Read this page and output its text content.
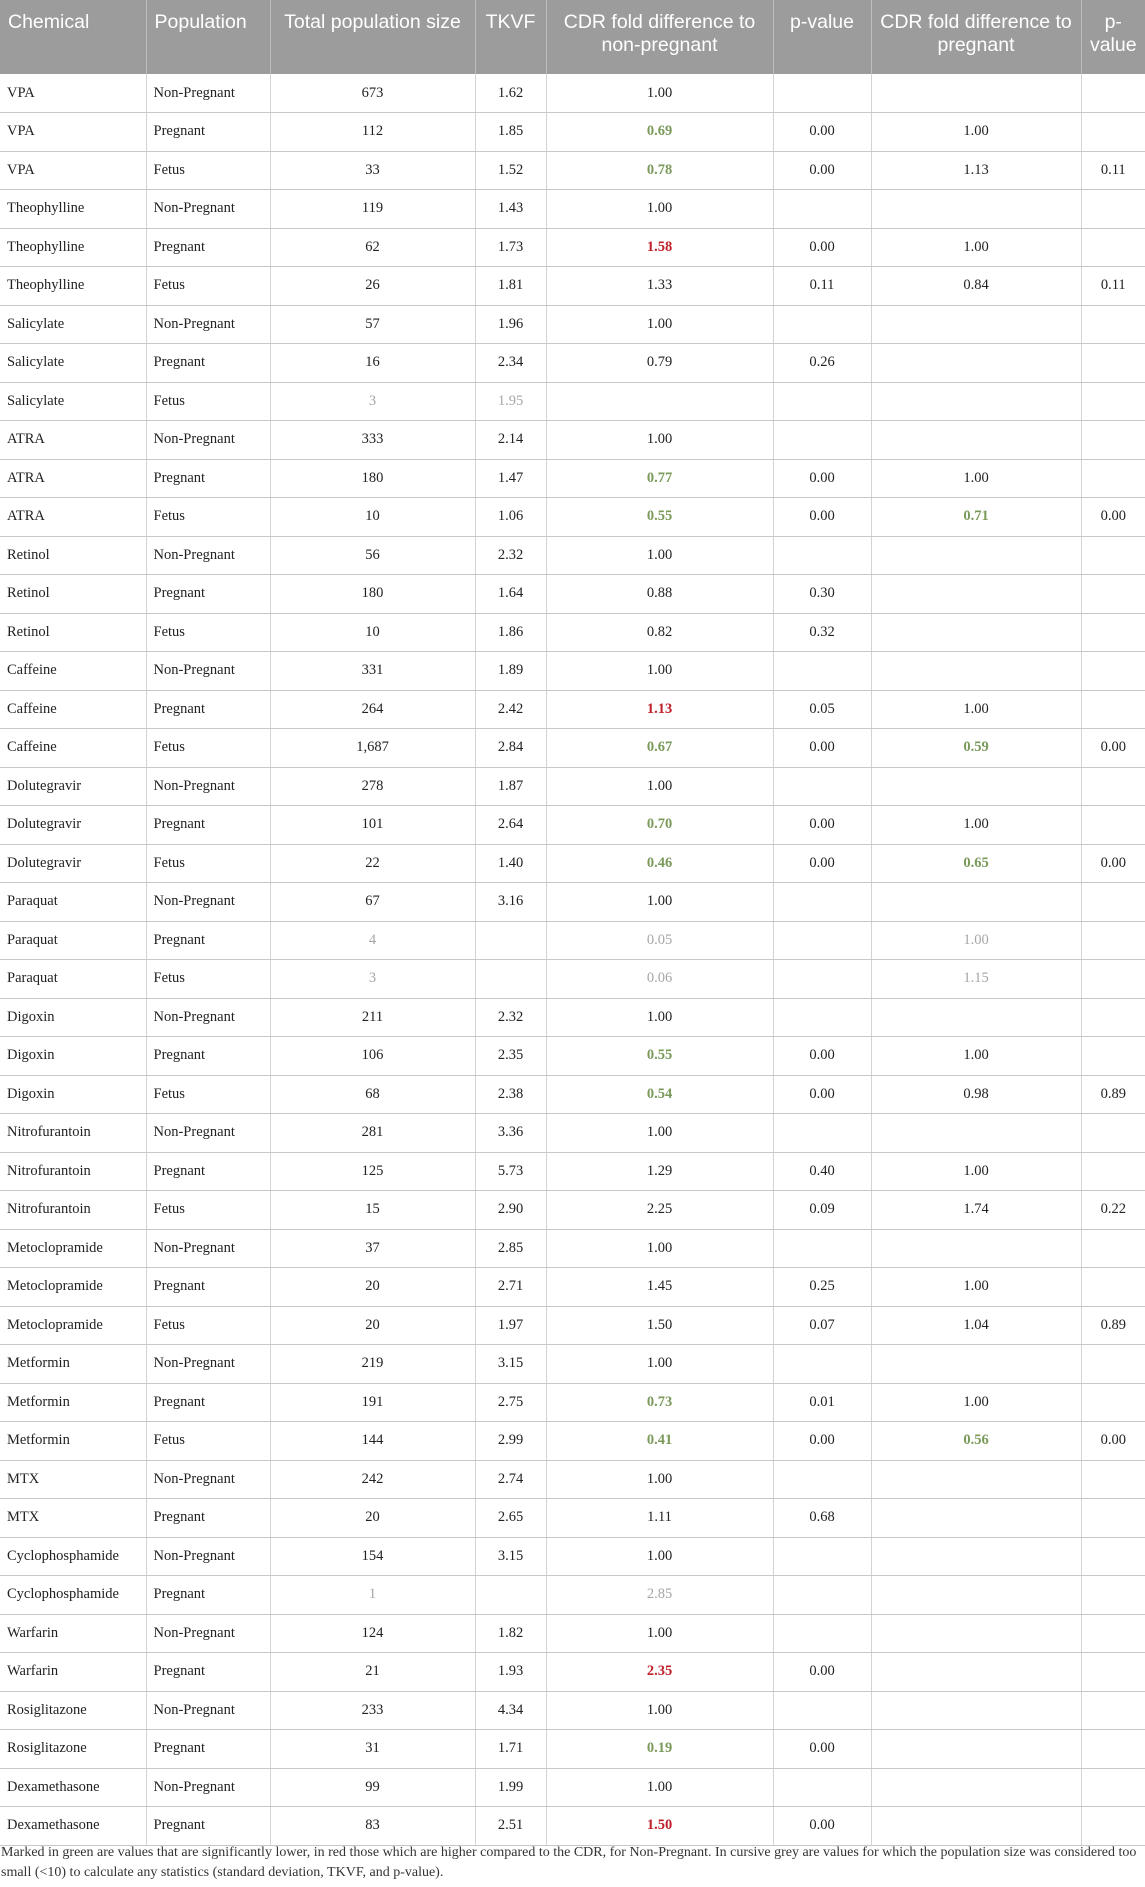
Chemical	Population	Total population size	TKVF	CDR fold difference to non-pregnant	p-value	CDR fold difference to pregnant	p-value
VPA	Non-Pregnant	673	1.62	1.00			
VPA	Pregnant	112	1.85	0.69	0.00	1.00	
VPA	Fetus	33	1.52	0.78	0.00	1.13	0.11
Theophylline	Non-Pregnant	119	1.43	1.00			
Theophylline	Pregnant	62	1.73	1.58	0.00	1.00	
Theophylline	Fetus	26	1.81	1.33	0.11	0.84	0.11
Salicylate	Non-Pregnant	57	1.96	1.00			
Salicylate	Pregnant	16	2.34	0.79	0.26		
Salicylate	Fetus	3	1.95				
ATRA	Non-Pregnant	333	2.14	1.00			
ATRA	Pregnant	180	1.47	0.77	0.00	1.00	
ATRA	Fetus	10	1.06	0.55	0.00	0.71	0.00
Retinol	Non-Pregnant	56	2.32	1.00			
Retinol	Pregnant	180	1.64	0.88	0.30		
Retinol	Fetus	10	1.86	0.82	0.32		
Caffeine	Non-Pregnant	331	1.89	1.00			
Caffeine	Pregnant	264	2.42	1.13	0.05	1.00	
Caffeine	Fetus	1,687	2.84	0.67	0.00	0.59	0.00
Dolutegravir	Non-Pregnant	278	1.87	1.00			
Dolutegravir	Pregnant	101	2.64	0.70	0.00	1.00	
Dolutegravir	Fetus	22	1.40	0.46	0.00	0.65	0.00
Paraquat	Non-Pregnant	67	3.16	1.00			
Paraquat	Pregnant	4		0.05		1.00	
Paraquat	Fetus	3		0.06		1.15	
Digoxin	Non-Pregnant	211	2.32	1.00			
Digoxin	Pregnant	106	2.35	0.55	0.00	1.00	
Digoxin	Fetus	68	2.38	0.54	0.00	0.98	0.89
Nitrofurantoin	Non-Pregnant	281	3.36	1.00			
Nitrofurantoin	Pregnant	125	5.73	1.29	0.40	1.00	
Nitrofurantoin	Fetus	15	2.90	2.25	0.09	1.74	0.22
Metoclopramide	Non-Pregnant	37	2.85	1.00			
Metoclopramide	Pregnant	20	2.71	1.45	0.25	1.00	
Metoclopramide	Fetus	20	1.97	1.50	0.07	1.04	0.89
Metformin	Non-Pregnant	219	3.15	1.00			
Metformin	Pregnant	191	2.75	0.73	0.01	1.00	
Metformin	Fetus	144	2.99	0.41	0.00	0.56	0.00
MTX	Non-Pregnant	242	2.74	1.00			
MTX	Pregnant	20	2.65	1.11	0.68		
Cyclophosphamide	Non-Pregnant	154	3.15	1.00			
Cyclophosphamide	Pregnant	1		2.85			
Warfarin	Non-Pregnant	124	1.82	1.00			
Warfarin	Pregnant	21	1.93	2.35	0.00		
Rosiglitazone	Non-Pregnant	233	4.34	1.00			
Rosiglitazone	Pregnant	31	1.71	0.19	0.00		
Dexamethasone	Non-Pregnant	99	1.99	1.00			
Dexamethasone	Pregnant	83	2.51	1.50	0.00		
Marked in green are values that are significantly lower, in red those which are higher compared to the CDR, for Non-Pregnant. In cursive grey are values for which the population size was considered too small (<10) to calculate any statistics (standard deviation, TKVF, and p-value).
